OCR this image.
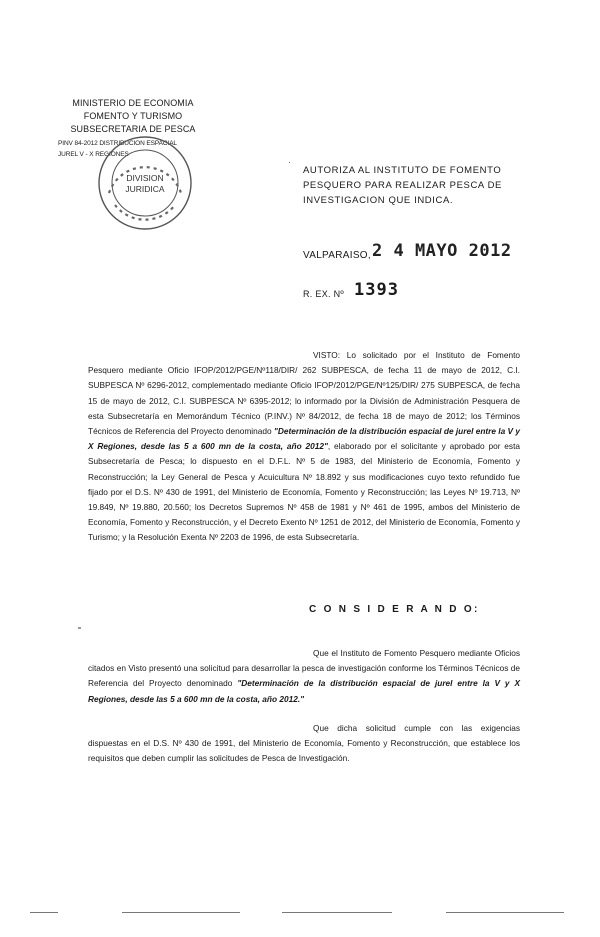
MINISTERIO DE ECONOMIA
FOMENTO Y TURISMO
SUBSECRETARIA DE PESCA
PINV 84-2012 DISTRIBUCION ESPACIAL
JUREL V - X REGIONES
DIVISION
JURIDICA
·
AUTORIZA AL INSTITUTO DE FOMENTO PESQUERO PARA REALIZAR PESCA DE INVESTIGACION QUE INDICA.
VALPARAISO, 2 4 MAYO 2012
R. EX. Nº 1393
VISTO: Lo solicitado por el Instituto de Fomento Pesquero mediante Oficio IFOP/2012/PGE/Nº118/DIR/ 262 SUBPESCA, de fecha 11 de mayo de 2012, C.I. SUBPESCA Nº 6296-2012, complementado mediante Oficio IFOP/2012/PGE/Nº125/DIR/ 275 SUBPESCA, de fecha 15 de mayo de 2012, C.I. SUBPESCA Nº 6395-2012; lo informado por la División de Administración Pesquera de esta Subsecretaría en Memorándum Técnico (P.INV.) Nº 84/2012, de fecha 18 de mayo de 2012; los Términos Técnicos de Referencia del Proyecto denominado "Determinación de la distribución espacial de jurel entre la V y X Regiones, desde las 5 a 600 mn de la costa, año 2012", elaborado por el solicitante y aprobado por esta Subsecretaría de Pesca; lo dispuesto en el D.F.L. Nº 5 de 1983, del Ministerio de Economía, Fomento y Reconstrucción; la Ley General de Pesca y Acuicultura Nº 18.892 y sus modificaciones cuyo texto refundido fue fijado por el D.S. Nº 430 de 1991, del Ministerio de Economía, Fomento y Reconstrucción; las Leyes Nº 19.713, Nº 19.849, Nº 19.880, 20.560; los Decretos Supremos Nº 458 de 1981 y Nº 461 de 1995, ambos del Ministerio de Economía, Fomento y Reconstrucción, y el Decreto Exento Nº 1251 de 2012, del Ministerio de Economía, Fomento y Turismo; y la Resolución Exenta Nº 2203 de 1996, de esta Subsecretaría.
C O N S I D E R A N D O:
Que el Instituto de Fomento Pesquero mediante Oficios citados en Visto presentó una solicitud para desarrollar la pesca de investigación conforme los Términos Técnicos de Referencia del Proyecto denominado "Determinación de la distribución espacial de jurel entre la V y X Regiones, desde las 5 a 600 mn de la costa, año 2012."
Que dicha solicitud cumple con las exigencias dispuestas en el D.S. Nº 430 de 1991, del Ministerio de Economía, Fomento y Reconstrucción, que establece los requisitos que deben cumplir las solicitudes de Pesca de Investigación.
